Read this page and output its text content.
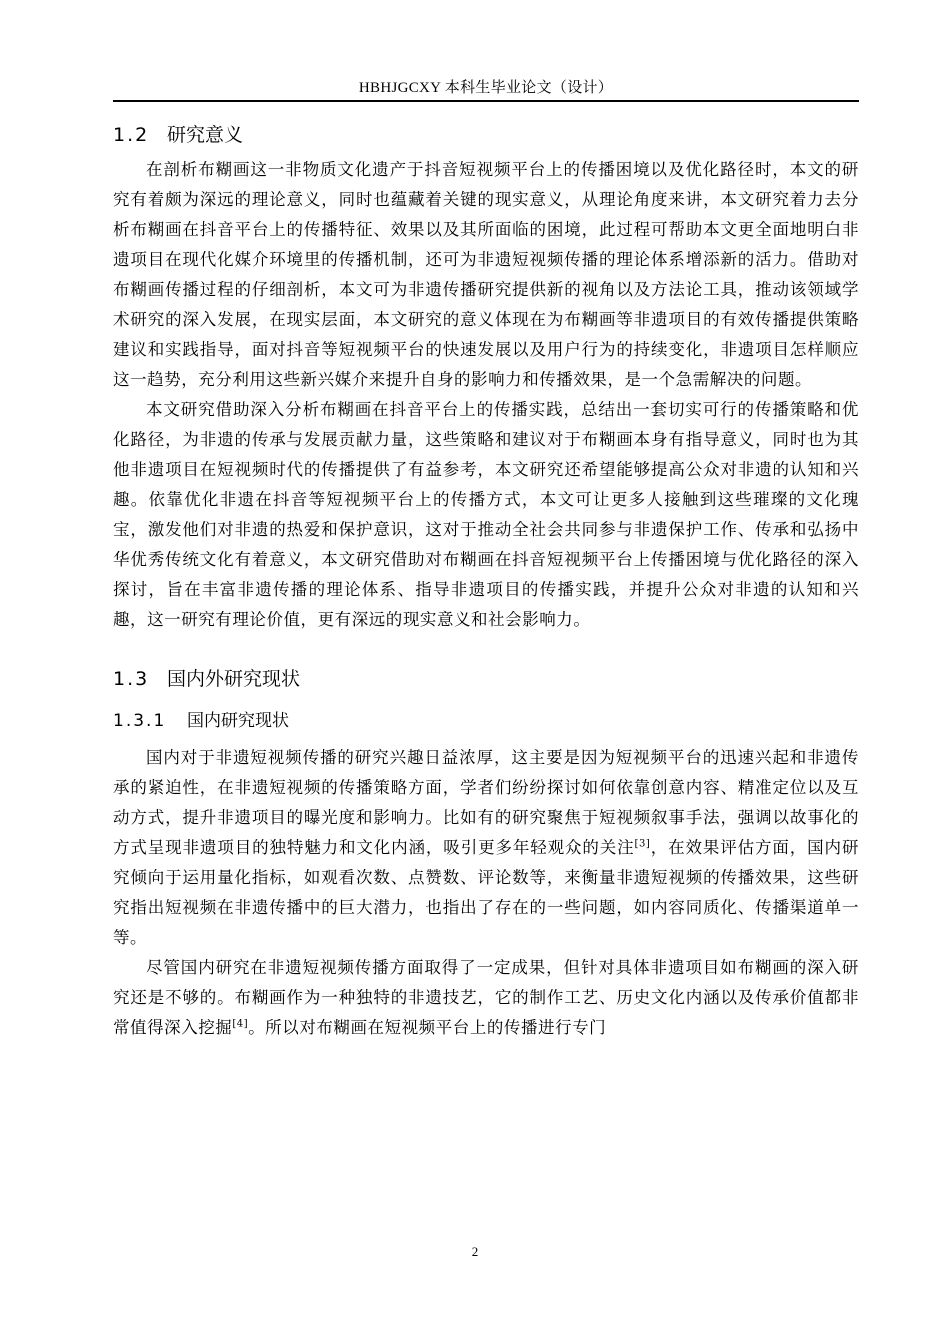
HBHJGCXY 本科生毕业论文（设计）
1.2 研究意义

在剖析布糊画这一非物质文化遗产于抖音短视频平台上的传播困境以及优化路径时，本文的研究有着颇为深远的理论意义，同时也蕴藏着关键的现实意义，从理论角度来讲，本文研究着力去分析布糊画在抖音平台上的传播特征、效果以及其所面临的困境，此过程可帮助本文更全面地明白非遗项目在现代化媒介环境里的传播机制，还可为非遗短视频传播的理论体系增添新的活力。借助对布糊画传播过程的仔细剖析，本文可为非遗传播研究提供新的视角以及方法论工具，推动该领域学术研究的深入发展，在现实层面，本文研究的意义体现在为布糊画等非遗项目的有效传播提供策略建议和实践指导，面对抖音等短视频平台的快速发展以及用户行为的持续变化，非遗项目怎样顺应这一趋势，充分利用这些新兴媒介来提升自身的影响力和传播效果，是一个急需解决的问题。

本文研究借助深入分析布糊画在抖音平台上的传播实践，总结出一套切实可行的传播策略和优化路径，为非遗的传承与发展贡献力量，这些策略和建议对于布糊画本身有指导意义，同时也为其他非遗项目在短视频时代的传播提供了有益参考，本文研究还希望能够提高公众对非遗的认知和兴趣。依靠优化非遗在抖音等短视频平台上的传播方式，本文可让更多人接触到这些璀璨的文化瑰宝，激发他们对非遗的热爱和保护意识，这对于推动全社会共同参与非遗保护工作、传承和弘扬中华优秀传统文化有着意义，本文研究借助对布糊画在抖音短视频平台上传播困境与优化路径的深入探讨，旨在丰富非遗传播的理论体系、指导非遗项目的传播实践，并提升公众对非遗的认知和兴趣，这一研究有理论价值，更有深远的现实意义和社会影响力。

1.3 国内外研究现状
1.3.1 国内研究现状

国内对于非遗短视频传播的研究兴趣日益浓厚，这主要是因为短视频平台的迅速兴起和非遗传承的紧迫性，在非遗短视频的传播策略方面，学者们纷纷探讨如何依靠创意内容、精准定位以及互动方式，提升非遗项目的曝光度和影响力。比如有的研究聚焦于短视频叙事手法，强调以故事化的方式呈现非遗项目的独特魅力和文化内涵，吸引更多年轻观众的关注[3]，在效果评估方面，国内研究倾向于运用量化指标，如观看次数、点赞数、评论数等，来衡量非遗短视频的传播效果，这些研究指出短视频在非遗传播中的巨大潜力，也指出了存在的一些问题，如内容同质化、传播渠道单一等。

尽管国内研究在非遗短视频传播方面取得了一定成果，但针对具体非遗项目如布糊画的深入研究还是不够的。布糊画作为一种独特的非遗技艺，它的制作工艺、历史文化内涵以及传承价值都非常值得深入挖掘[4]。所以对布糊画在短视频平台上的传播进行专门

2
